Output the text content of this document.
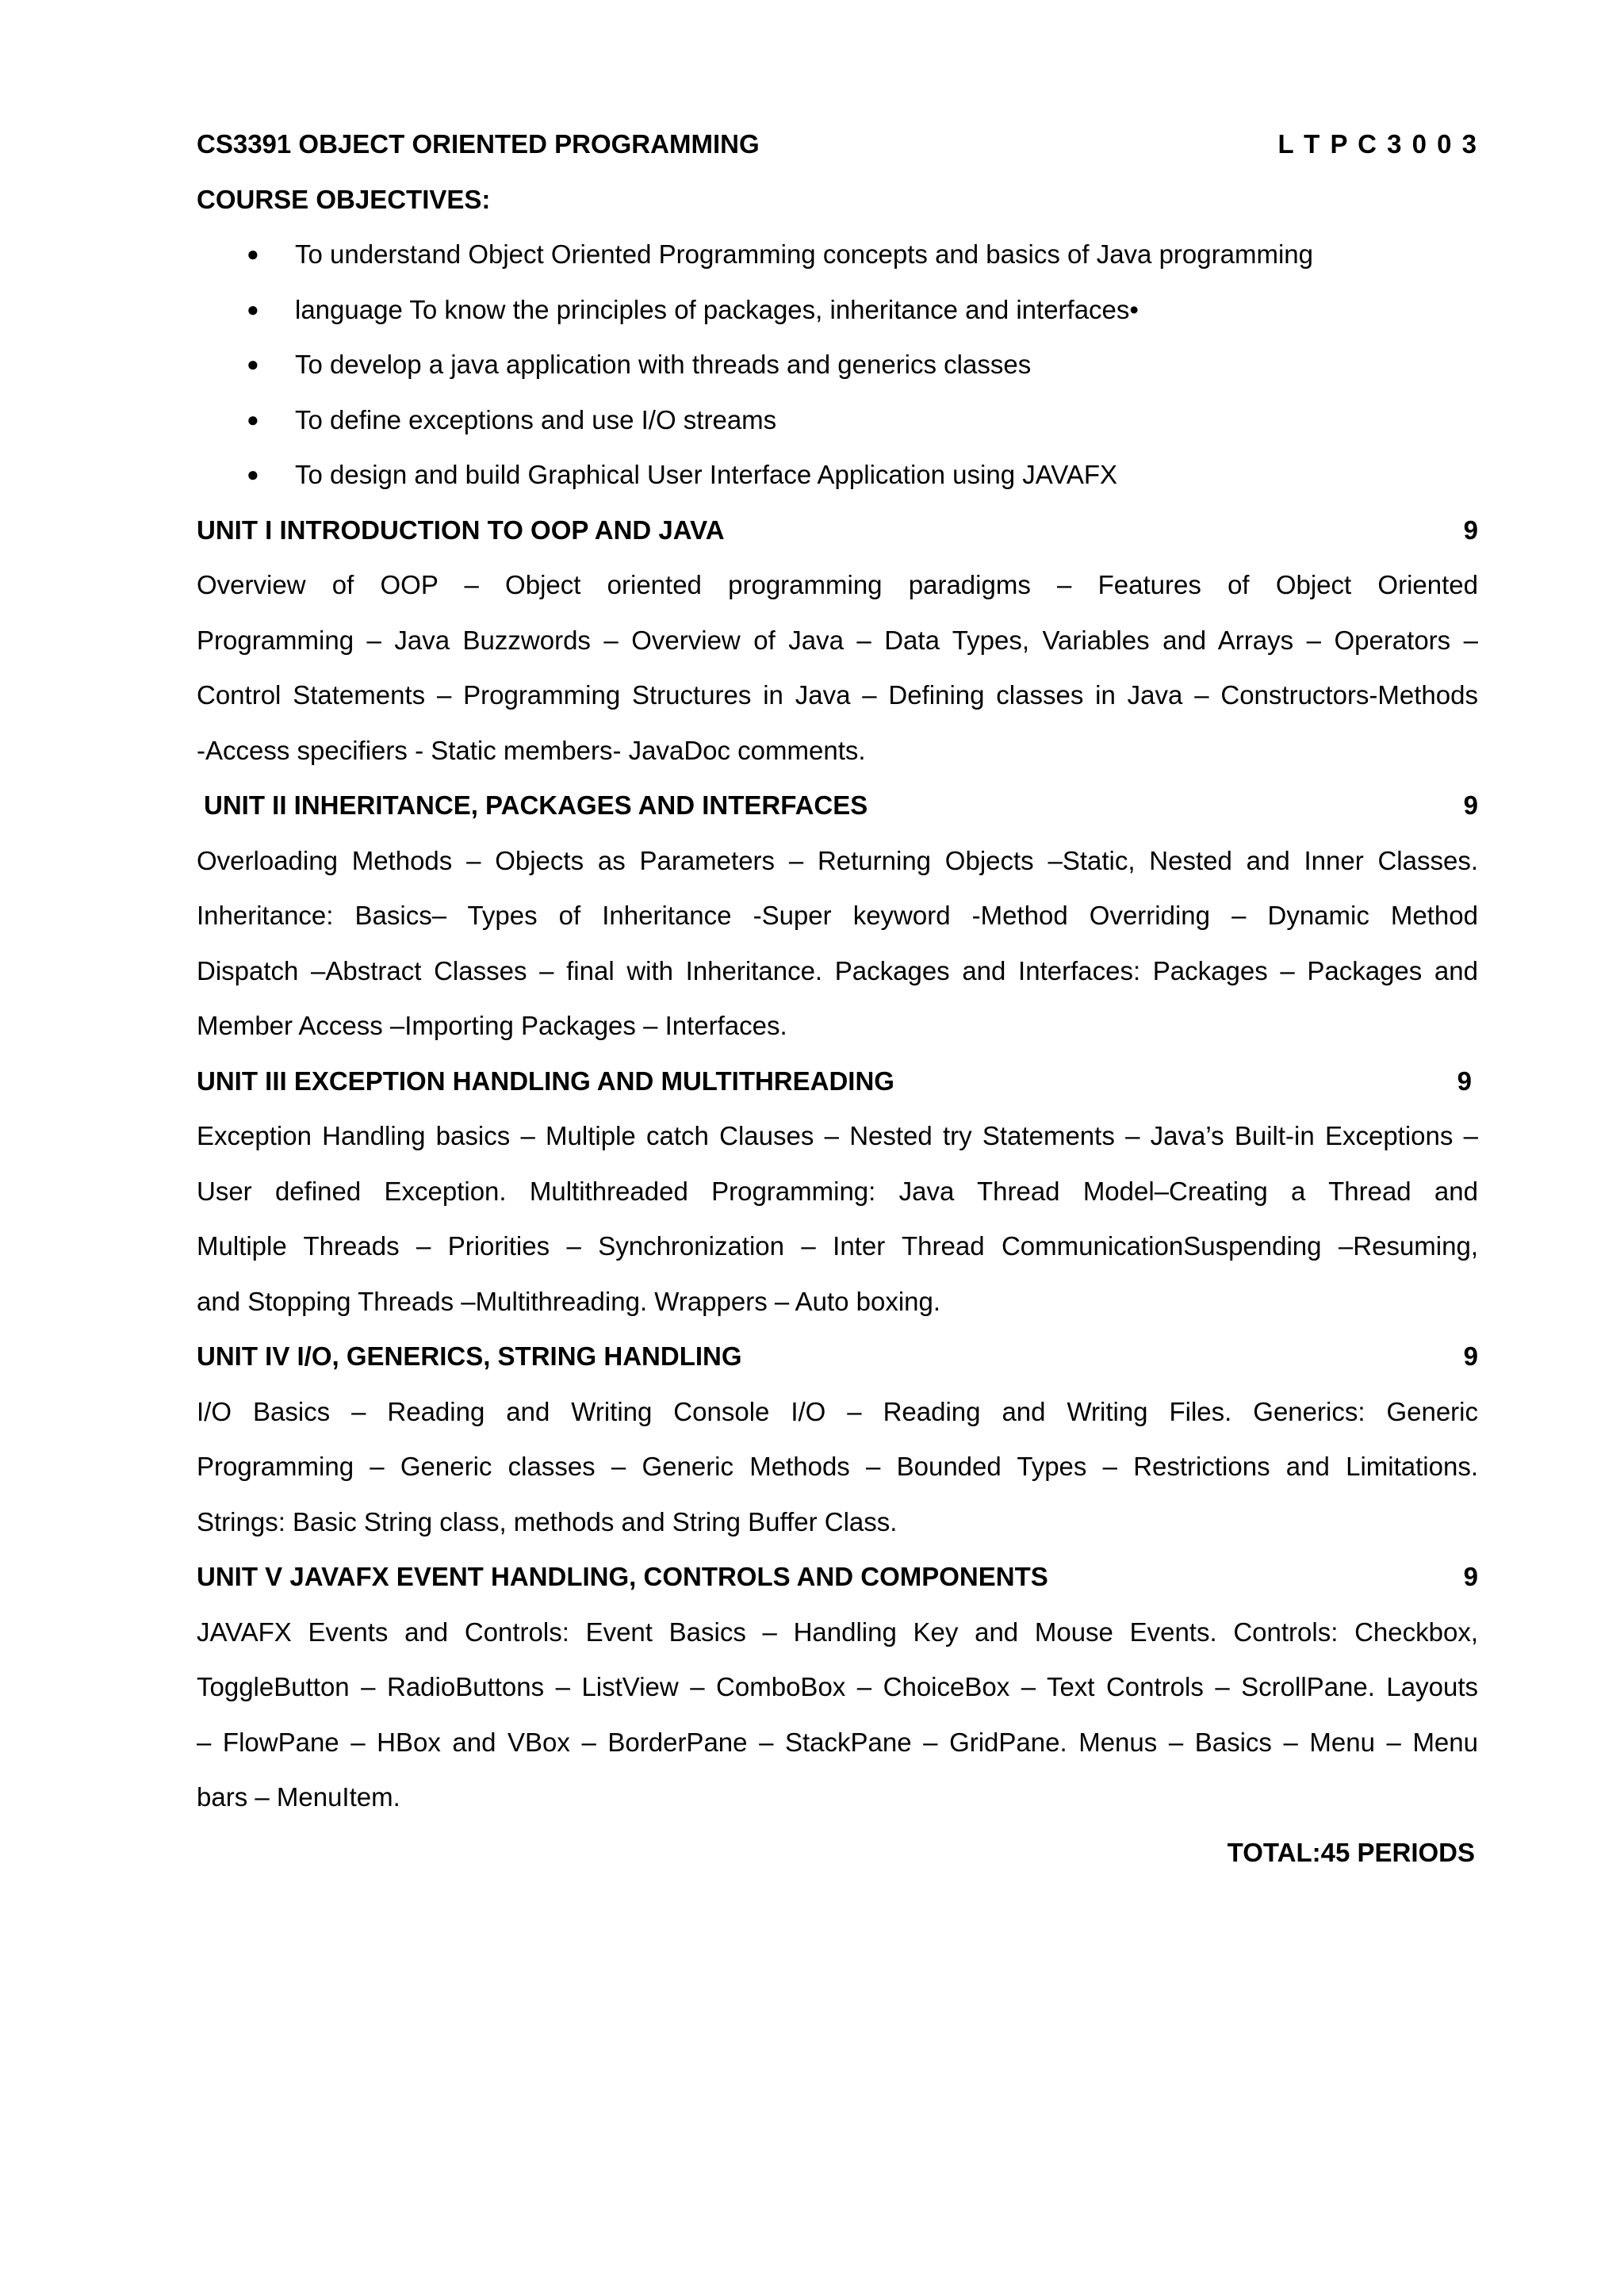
CS3391 OBJECT ORIENTED PROGRAMMING	L T P C 3 0 0 3
COURSE OBJECTIVES:
● To understand Object Oriented Programming concepts and basics of Java programming
● language To know the principles of packages, inheritance and interfaces•
● To develop a java application with threads and generics classes
● To define exceptions and use I/O streams
● To design and build Graphical User Interface Application using JAVAFX
UNIT I INTRODUCTION TO OOP AND JAVA	9
Overview of OOP – Object oriented programming paradigms – Features of Object Oriented
Programming – Java Buzzwords – Overview of Java – Data Types, Variables and Arrays – Operators –
Control Statements – Programming Structures in Java – Defining classes in Java – Constructors-Methods
-Access specifiers - Static members- JavaDoc comments.
UNIT II INHERITANCE, PACKAGES AND INTERFACES	9
Overloading Methods – Objects as Parameters – Returning Objects –Static, Nested and Inner Classes.
Inheritance: Basics– Types of Inheritance -Super keyword -Method Overriding – Dynamic Method
Dispatch –Abstract Classes – final with Inheritance. Packages and Interfaces: Packages – Packages and
Member Access –Importing Packages – Interfaces.
UNIT III EXCEPTION HANDLING AND MULTITHREADING	9
Exception Handling basics – Multiple catch Clauses – Nested try Statements – Java’s Built-in Exceptions –
User defined Exception. Multithreaded Programming: Java Thread Model–Creating a Thread and
Multiple Threads – Priorities – Synchronization – Inter Thread CommunicationSuspending –Resuming,
and Stopping Threads –Multithreading. Wrappers – Auto boxing.
UNIT IV I/O, GENERICS, STRING HANDLING	9
I/O Basics – Reading and Writing Console I/O – Reading and Writing Files. Generics: Generic
Programming – Generic classes – Generic Methods – Bounded Types – Restrictions and Limitations.
Strings: Basic String class, methods and String Buffer Class.
UNIT V JAVAFX EVENT HANDLING, CONTROLS AND COMPONENTS	9
JAVAFX Events and Controls: Event Basics – Handling Key and Mouse Events. Controls: Checkbox,
ToggleButton – RadioButtons – ListView – ComboBox – ChoiceBox – Text Controls – ScrollPane. Layouts
– FlowPane – HBox and VBox – BorderPane – StackPane – GridPane. Menus – Basics – Menu – Menu
bars – MenuItem.
TOTAL:45 PERIODS
